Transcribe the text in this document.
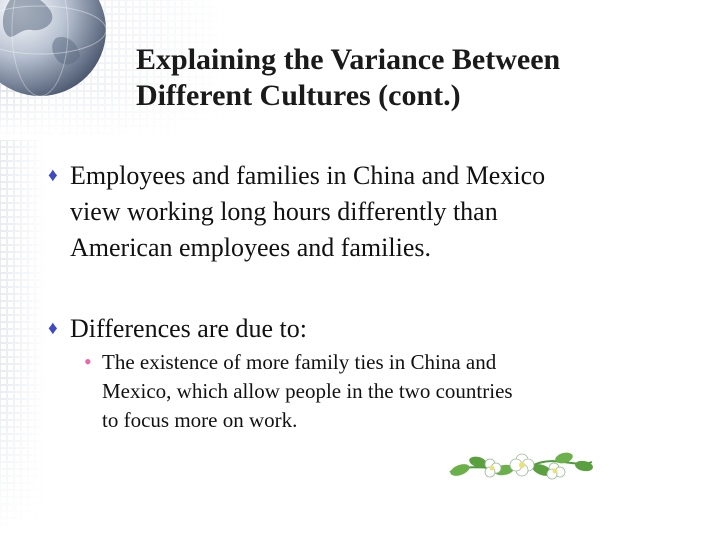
Explaining the Variance Between
Different Cultures (cont.)
♦ Employees and families in China and Mexico
view working long hours differently than
American employees and families.
♦ Differences are due to:
• The existence of more family ties in China and
Mexico, which allow people in the two countries
to focus more on work.
